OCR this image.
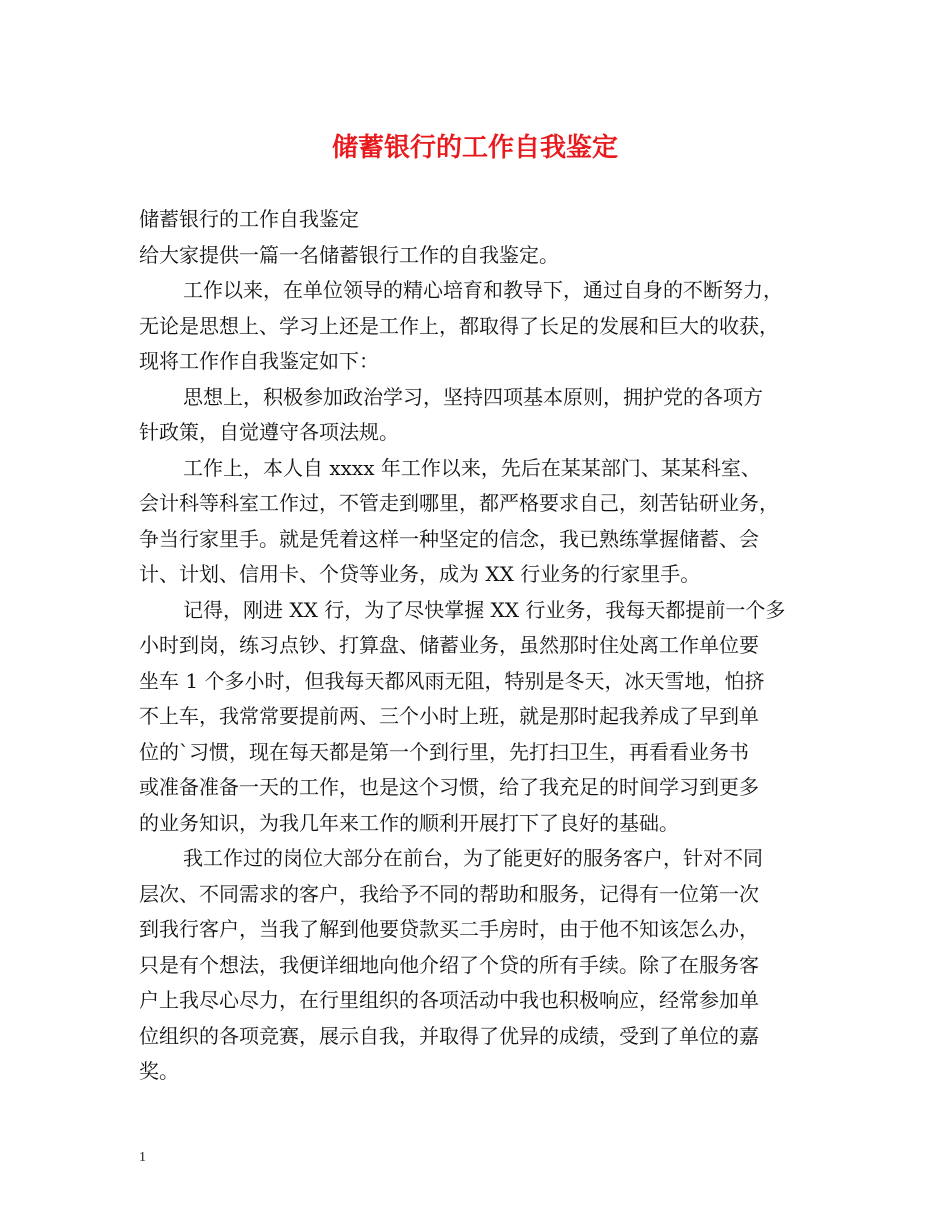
储蓄银行的工作自我鉴定
储蓄银行的工作自我鉴定
给大家提供一篇一名储蓄银行工作的自我鉴定。
工作以来，在单位领导的精心培育和教导下，通过自身的不断努力，
无论是思想上、学习上还是工作上，都取得了长足的发展和巨大的收获，
现将工作作自我鉴定如下：
思想上，积极参加政治学习，坚持四项基本原则，拥护党的各项方
针政策，自觉遵守各项法规。
工作上，本人自 xxxx 年工作以来，先后在某某部门、某某科室、
会计科等科室工作过，不管走到哪里，都严格要求自己，刻苦钻研业务，
争当行家里手。就是凭着这样一种坚定的信念，我已熟练掌握储蓄、会
计、计划、信用卡、个贷等业务，成为 XX 行业务的行家里手。
记得，刚进 XX 行，为了尽快掌握 XX 行业务，我每天都提前一个多
小时到岗，练习点钞、打算盘、储蓄业务，虽然那时住处离工作单位要
坐车 1 个多小时，但我每天都风雨无阻，特别是冬天，冰天雪地，怕挤
不上车，我常常要提前两、三个小时上班，就是那时起我养成了早到单
位的`习惯，现在每天都是第一个到行里，先打扫卫生，再看看业务书
或准备准备一天的工作，也是这个习惯，给了我充足的时间学习到更多
的业务知识，为我几年来工作的顺利开展打下了良好的基础。
我工作过的岗位大部分在前台，为了能更好的服务客户，针对不同
层次、不同需求的客户，我给予不同的帮助和服务，记得有一位第一次
到我行客户，当我了解到他要贷款买二手房时，由于他不知该怎么办，
只是有个想法，我便详细地向他介绍了个贷的所有手续。除了在服务客
户上我尽心尽力，在行里组织的各项活动中我也积极响应，经常参加单
位组织的各项竞赛，展示自我，并取得了优异的成绩，受到了单位的嘉
奖。
1
